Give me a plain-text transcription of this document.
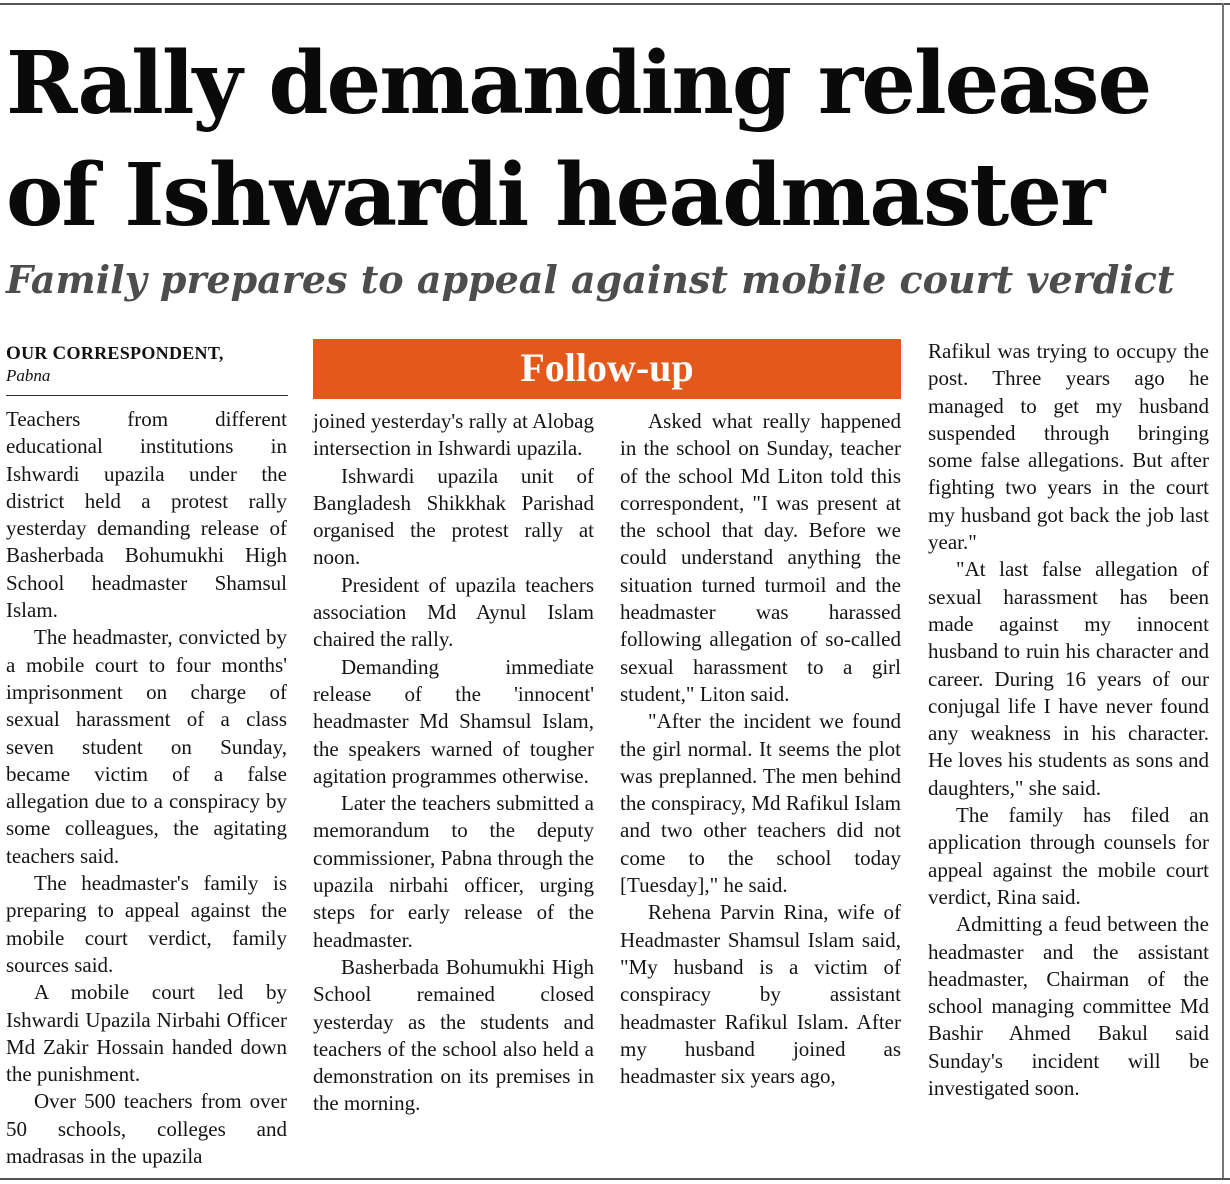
Rally demanding release of Ishwardi headmaster
Family prepares to appeal against mobile court verdict
OUR CORRESPONDENT,
Pabna	Follow-up

Teachers from different educational institutions in Ishwardi upazila under the district held a protest rally yesterday demanding release of Basherbada Bohumukhi High School headmaster Shamsul Islam.

The headmaster, convicted by a mobile court to four months' imprisonment on charge of sexual harassment of a class seven student on Sunday, became victim of a false allegation due to a conspiracy by some colleagues, the agitating teachers said.

The headmaster's family is preparing to appeal against the mobile court verdict, family sources said.

A mobile court led by Ishwardi Upazila Nirbahi Officer Md Zakir Hossain handed down the punishment.

Over 500 teachers from over 50 schools, colleges and madrasas in the upazila

joined yesterday's rally at Alobag intersection in Ishwardi upazila.

Ishwardi upazila unit of Bangladesh Shikkhak Parishad organised the protest rally at noon.

President of upazila teachers association Md Aynul Islam chaired the rally.

Demanding immediate release of the 'innocent' headmaster Md Shamsul Islam, the speakers warned of tougher agitation programmes otherwise.

Later the teachers submitted a memorandum to the deputy commissioner, Pabna through the upazila nirbahi officer, urging steps for early release of the headmaster.

Basherbada Bohumukhi High School remained closed yesterday as the students and teachers of the school also held a demonstration on its premises in the morning.

Asked what really happened in the school on Sunday, teacher of the school Md Liton told this correspondent, "I was present at the school that day. Before we could understand anything the situation turned turmoil and the headmaster was harassed following allegation of so-called sexual harassment to a girl student," Liton said.

"After the incident we found the girl normal. It seems the plot was preplanned. The men behind the conspiracy, Md Rafikul Islam and two other teachers did not come to the school today [Tuesday]," he said.

Rehena Parvin Rina, wife of Headmaster Shamsul Islam said, "My husband is a victim of conspiracy by assistant headmaster Rafikul Islam. After my husband joined as headmaster six years ago,

Rafikul was trying to occupy the post. Three years ago he managed to get my husband suspended through bringing some false allegations. But after fighting two years in the court my husband got back the job last year."

"At last false allegation of sexual harassment has been made against my innocent husband to ruin his character and career. During 16 years of our conjugal life I have never found any weakness in his character. He loves his students as sons and daughters," she said.

The family has filed an application through counsels for appeal against the mobile court verdict, Rina said.

Admitting a feud between the headmaster and the assistant headmaster, Chairman of the school managing committee Md Bashir Ahmed Bakul said Sunday's incident will be investigated soon.
